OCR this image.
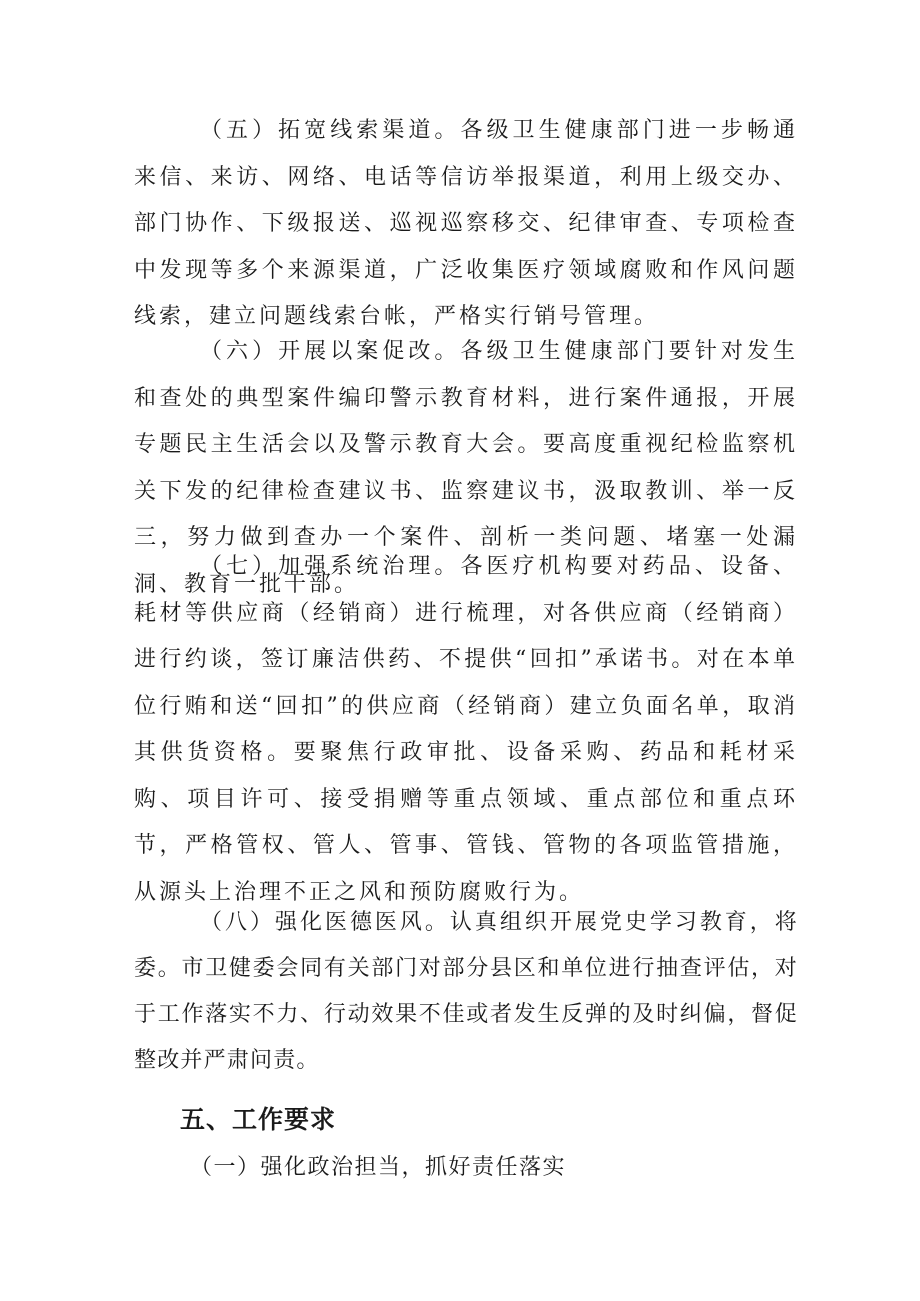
（五）拓宽线索渠道。各级卫生健康部门进一步畅通来信、来访、网络、电话等信访举报渠道，利用上级交办、部门协作、下级报送、巡视巡察移交、纪律审查、专项检查中发现等多个来源渠道，广泛收集医疗领域腐败和作风问题线索，建立问题线索台帐，严格实行销号管理。

（六）开展以案促改。各级卫生健康部门要针对发生和查处的典型案件编印警示教育材料，进行案件通报，开展专题民主生活会以及警示教育大会。要高度重视纪检监察机关下发的纪律检查建议书、监察建议书，汲取教训、举一反三，努力做到查办一个案件、剖析一类问题、堵塞一处漏洞、教育一批干部。

（七）加强系统治理。各医疗机构要对药品、设备、耗材等供应商（经销商）进行梳理，对各供应商（经销商）进行约谈，签订廉洁供药、不提供“回扣”承诺书。对在本单位行贿和送“回扣”的供应商（经销商）建立负面名单，取消其供货资格。要聚焦行政审批、设备采购、药品和耗材采购、项目许可、接受捐赠等重点领域、重点部位和重点环节，严格管权、管人、管事、管钱、管物的各项监管措施，从源头上治理不正之风和预防腐败行为。

（八）强化医德医风。认真组织开展党史学习教育，将委。市卫健委会同有关部门对部分县区和单位进行抽查评估，对于工作落实不力、行动效果不佳或者发生反弹的及时纠偏，督促整改并严肃问责。

五、工作要求

（一）强化政治担当，抓好责任落实
